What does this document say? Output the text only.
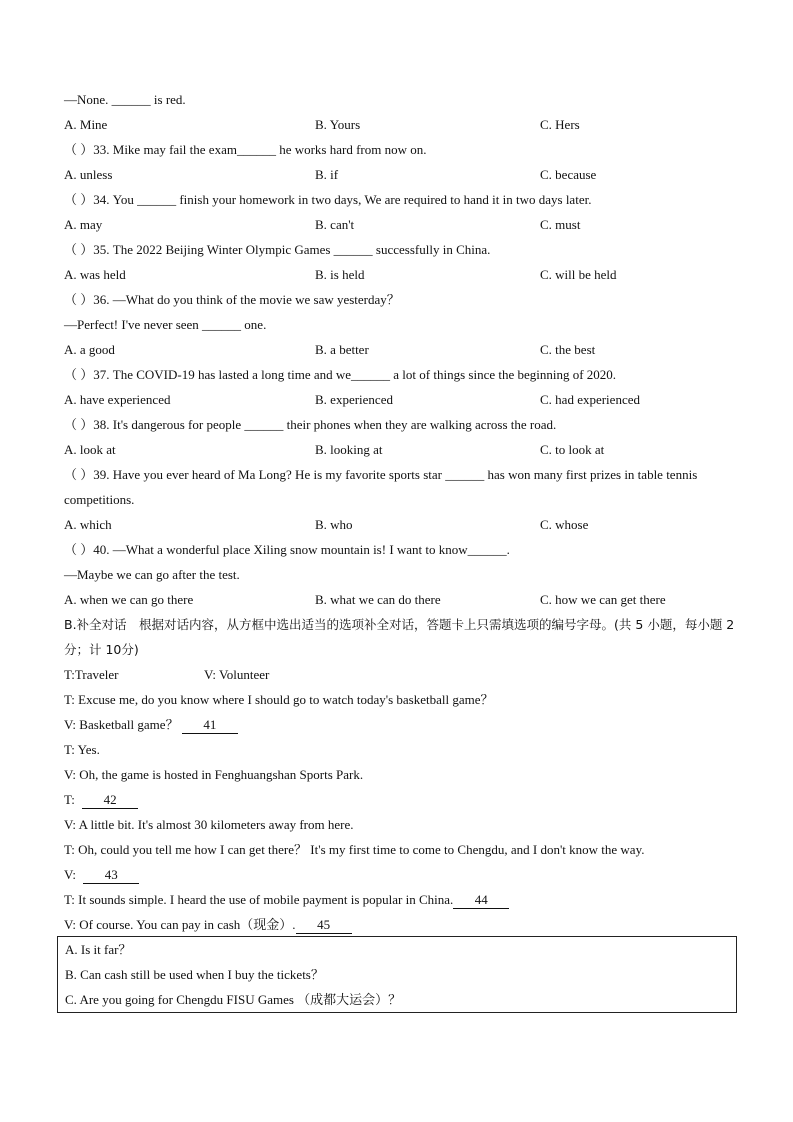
—None. ______ is red.
A. Mine	B. Yours	C. Hers
（ ）33. Mike may fail the exam______ he works hard from now on.
A. unless	B. if	C. because
（ ）34. You ______ finish your homework in two days, We are required to hand it in two days later.
A. may	B. can't	C. must
（ ）35. The 2022 Beijing Winter Olympic Games ______ successfully in China.
A. was held	B. is held	C. will be held
（ ）36. —What do you think of the movie we saw yesterday？
—Perfect! I've never seen ______ one.
A. a good	B. a better	C. the best
（ ）37. The COVID-19 has lasted a long time and we______ a lot of things since the beginning of 2020.
A. have experienced	B. experienced	C. had experienced
（ ）38. It's dangerous for people ______ their phones when they are walking across the road.
A. look at	B. looking at	C. to look at
（ ）39. Have you ever heard of Ma Long? He is my favorite sports star ______ has won many first prizes in table tennis competitions.
A. which	B. who	C. whose
（ ）40. —What a wonderful place Xiling snow mountain is! I want to know______.
—Maybe we can go after the test.
A. when we can go there	B. what we can do there	C. how we can get there
B.补全对话　根据对话内容，从方框中选出适当的选项补全对话，答题卡上只需填选项的编号字母。(共 5 小题，每小题 2分；计 10分)
T:Traveler	V: Volunteer
T: Excuse me, do you know where I should go to watch today's basketball game？
V: Basketball game？ 41
T: Yes.
V: Oh, the game is hosted in Fenghuangshan Sports Park.
T: 42
V: A little bit. It's almost 30 kilometers away from here.
T: Oh, could you tell me how I can get there？ It's my first time to come to Chengdu, and I don't know the way.
V: 43
T: It sounds simple. I heard the use of mobile payment is popular in China. 44
V: Of course. You can pay in cash（现金）. 45
A. Is it far？
B. Can cash still be used when I buy the tickets？
C. Are you going for Chengdu FISU Games （成都大运会）？
